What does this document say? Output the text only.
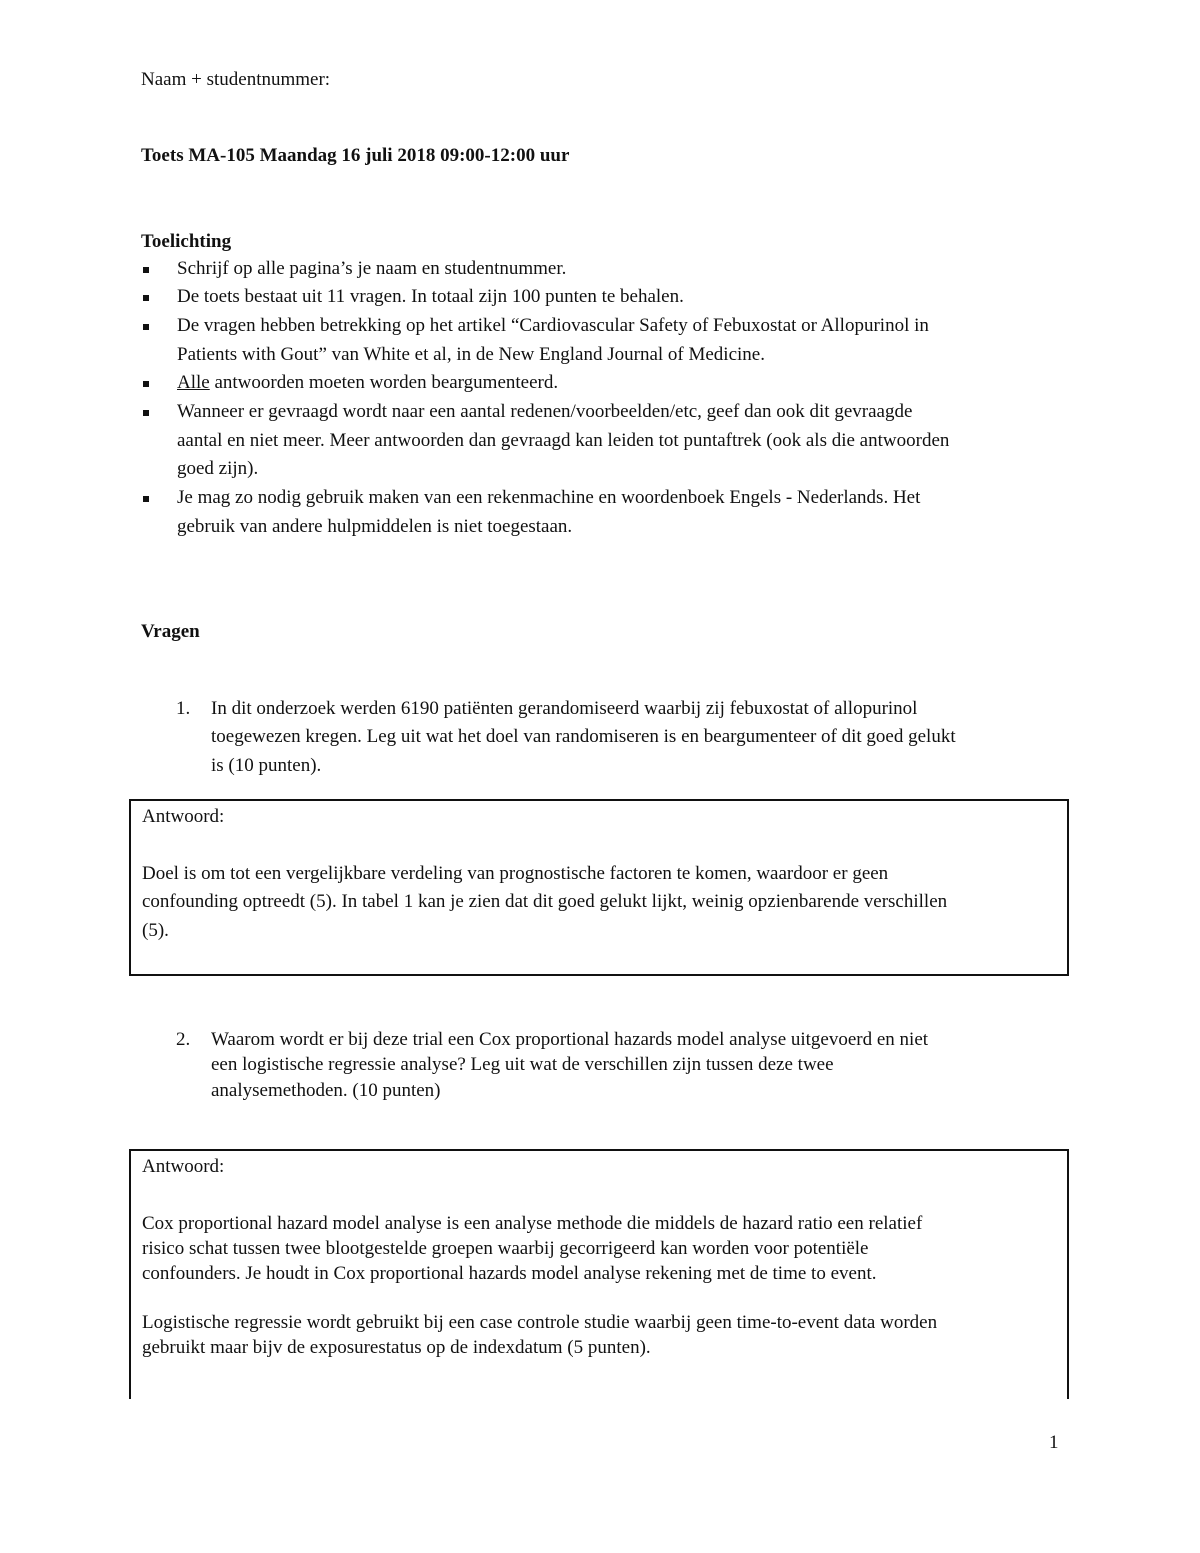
Naam + studentnummer:
Toets MA-105 Maandag 16 juli 2018 09:00-12:00 uur
Toelichting
Schrijf op alle pagina’s je naam en studentnummer.
De toets bestaat uit 11 vragen. In totaal zijn 100 punten te behalen.
De vragen hebben betrekking op het artikel “Cardiovascular Safety of Febuxostat or Allopurinol in
Patients with Gout” van White et al, in de New England Journal of Medicine.
Alle antwoorden moeten worden beargumenteerd.
Wanneer er gevraagd wordt naar een aantal redenen/voorbeelden/etc, geef dan ook dit gevraagde
aantal en niet meer. Meer antwoorden dan gevraagd kan leiden tot puntaftrek (ook als die antwoorden
goed zijn).
Je mag zo nodig gebruik maken van een rekenmachine en woordenboek Engels - Nederlands. Het
gebruik van andere hulpmiddelen is niet toegestaan.
Vragen
1. In dit onderzoek werden 6190 patiënten gerandomiseerd waarbij zij febuxostat of allopurinol
toegewezen kregen. Leg uit wat het doel van randomiseren is en beargumenteer of dit goed gelukt
is (10 punten).
Antwoord:
Doel is om tot een vergelijkbare verdeling van prognostische factoren te komen, waardoor er geen
confounding optreedt (5). In tabel 1 kan je zien dat dit goed gelukt lijkt, weinig opzienbarende verschillen
(5).
2. Waarom wordt er bij deze trial een Cox proportional hazards model analyse uitgevoerd en niet
een logistische regressie analyse? Leg uit wat de verschillen zijn tussen deze twee
analysemethoden. (10 punten)
Antwoord:
Cox proportional hazard model analyse is een analyse methode die middels de hazard ratio een relatief
risico schat tussen twee blootgestelde groepen waarbij gecorrigeerd kan worden voor potentiële
confounders. Je houdt in Cox proportional hazards model analyse rekening met de time to event.
Logistische regressie wordt gebruikt bij een case controle studie waarbij geen time-to-event data worden
gebruikt maar bijv de exposurestatus op de indexdatum (5 punten).
1
